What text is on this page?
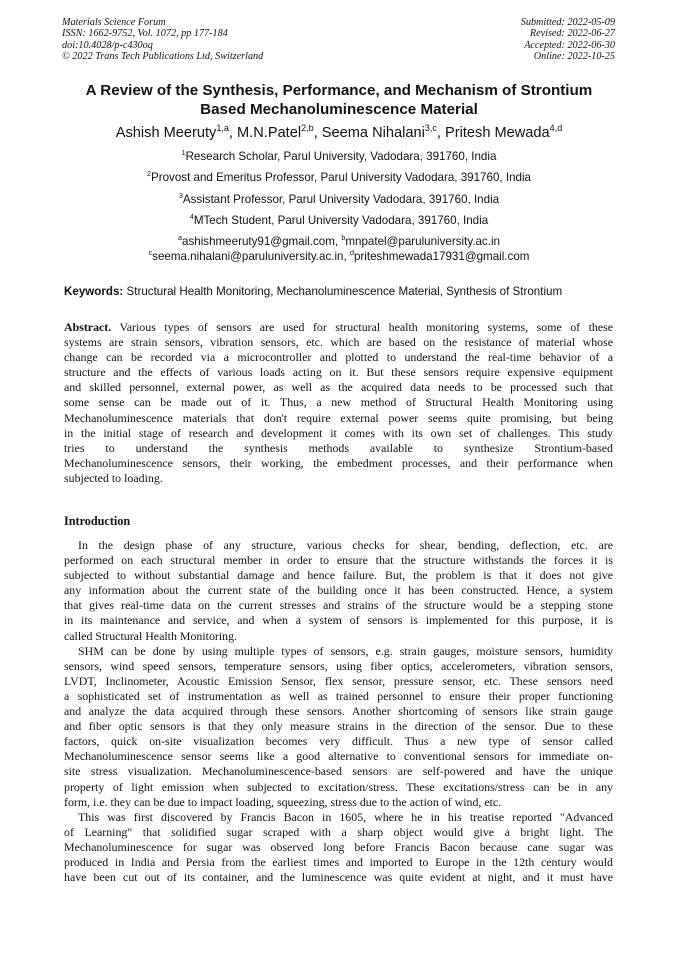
Materials Science Forum
ISSN: 1662-9752, Vol. 1072, pp 177-184
doi:10.4028/p-c430oq
© 2022 Trans Tech Publications Ltd, Switzerland
Submitted: 2022-05-09
Revised: 2022-06-27
Accepted: 2022-06-30
Online: 2022-10-25
A Review of the Synthesis, Performance, and Mechanism of Strontium
Based Mechanoluminescence Material
Ashish Meeruty$^{1,a}$, M.N.Patel$^{2,b}$, Seema Nihalani$^{3,c}$, Pritesh Mewada$^{4,d}$
$^1$Research Scholar, Parul University, Vadodara, 391760, India
$^2$Provost and Emeritus Professor, Parul University Vadodara, 391760, India
$^3$Assistant Professor, Parul University Vadodara, 391760, India
$^4$MTech Student, Parul University Vadodara, 391760, India
$^a$ashishmeeruty91@gmail.com, $^b$mnpatel@paruluniversity.ac.in
$^c$seema.nihalani@paruluniversity.ac.in, $^d$priteshmewada17931@gmail.com
Keywords: Structural Health Monitoring, Mechanoluminescence Material, Synthesis of Strontium
Abstract. Various types of sensors are used for structural health monitoring systems, some of these
systems are strain sensors, vibration sensors, etc. which are based on the resistance of material whose
change can be recorded via a microcontroller and plotted to understand the real-time behavior of a
structure and the effects of various loads acting on it. But these sensors require expensive equipment
and skilled personnel, external power, as well as the acquired data needs to be processed such that
some sense can be made out of it. Thus, a new method of Structural Health Monitoring using
Mechanoluminescence materials that don't require external power seems quite promising, but being
in the initial stage of research and development it comes with its own set of challenges. This study
tries to understand the synthesis methods available to synthesize Strontium-based
Mechanoluminescence sensors, their working, the embedment processes, and their performance when
subjected to loading.
Introduction
In the design phase of any structure, various checks for shear, bending, deflection, etc. are
performed on each structural member in order to ensure that the structure withstands the forces it is
subjected to without substantial damage and hence failure. But, the problem is that it does not give
any information about the current state of the building once it has been constructed. Hence, a system
that gives real-time data on the current stresses and strains of the structure would be a stepping stone
in its maintenance and service, and when a system of sensors is implemented for this purpose, it is
called Structural Health Monitoring.
SHM can be done by using multiple types of sensors, e.g. strain gauges, moisture sensors, humidity
sensors, wind speed sensors, temperature sensors, using fiber optics, accelerometers, vibration sensors,
LVDT, Inclinometer, Acoustic Emission Sensor, flex sensor, pressure sensor, etc. These sensors need
a sophisticated set of instrumentation as well as trained personnel to ensure their proper functioning
and analyze the data acquired through these sensors. Another shortcoming of sensors like strain gauge
and fiber optic sensors is that they only measure strains in the direction of the sensor. Due to these
factors, quick on-site visualization becomes very difficult. Thus a new type of sensor called
Mechanoluminescence sensor seems like a good alternative to conventional sensors for immediate on-
site stress visualization. Mechanoluminescence-based sensors are self-powered and have the unique
property of light emission when subjected to excitation/stress. These excitations/stress can be in any
form, i.e. they can be due to impact loading, squeezing, stress due to the action of wind, etc.
This was first discovered by Francis Bacon in 1605, where he in his treatise reported "Advanced
of Learning" that solidified sugar scraped with a sharp object would give a bright light. The
Mechanoluminescence for sugar was observed long before Francis Bacon because cane sugar was
produced in India and Persia from the earliest times and imported to Europe in the 12th century would
have been cut out of its container, and the luminescence was quite evident at night, and it must have
